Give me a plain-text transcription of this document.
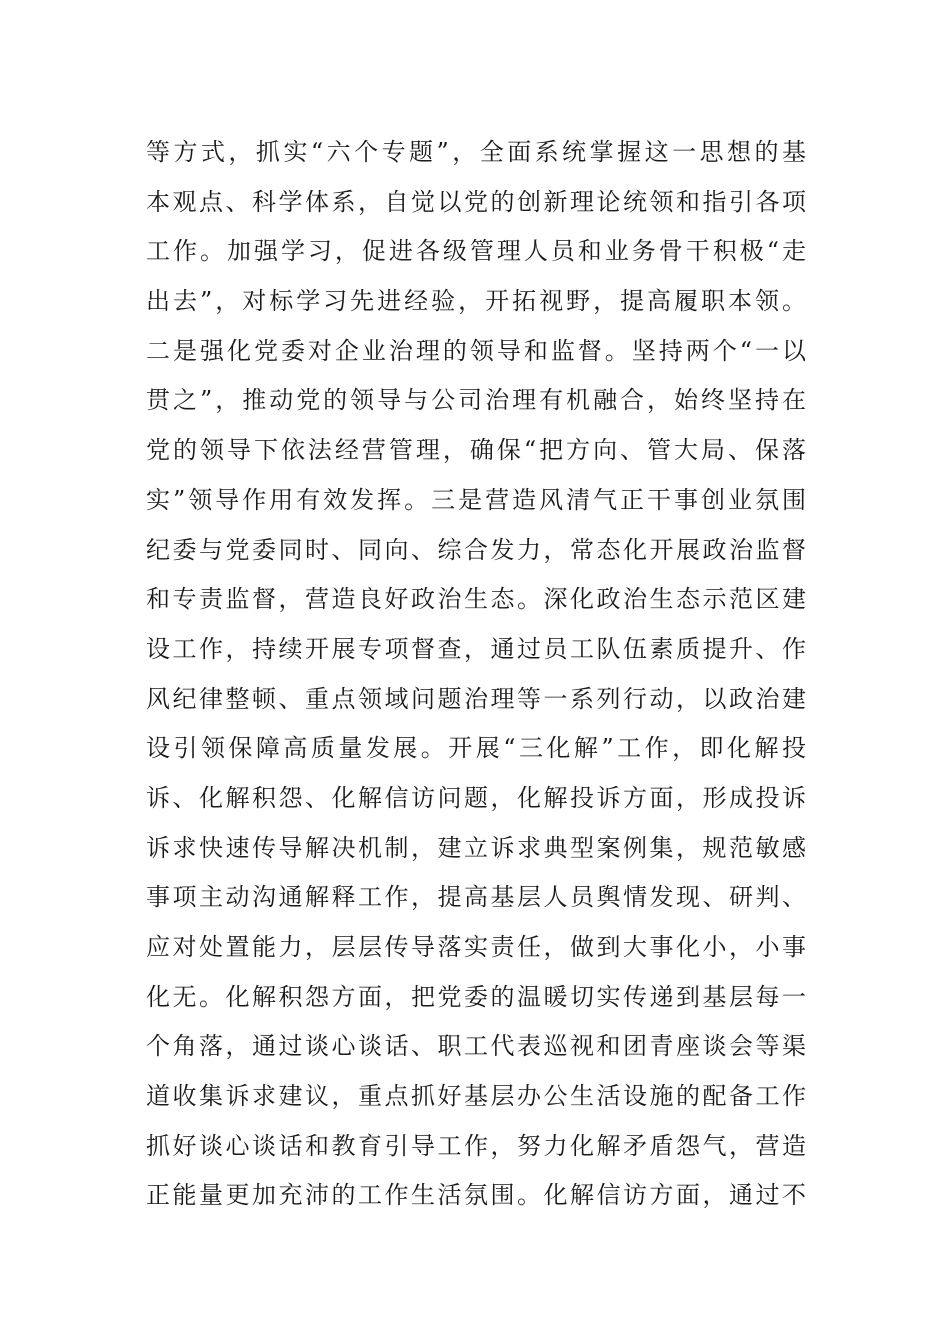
等方式，抓实“六个专题”，全面系统掌握这一思想的基
本观点、科学体系，自觉以党的创新理论统领和指引各项
工作。加强学习，促进各级管理人员和业务骨干积极“走
出去”，对标学习先进经验，开拓视野，提高履职本领。
二是强化党委对企业治理的领导和监督。坚持两个“一以
贯之”，推动党的领导与公司治理有机融合，始终坚持在
党的领导下依法经营管理，确保“把方向、管大局、保落
实”领导作用有效发挥。三是营造风清气正干事创业氛围
纪委与党委同时、同向、综合发力，常态化开展政治监督
和专责监督，营造良好政治生态。深化政治生态示范区建
设工作，持续开展专项督查，通过员工队伍素质提升、作
风纪律整顿、重点领域问题治理等一系列行动，以政治建
设引领保障高质量发展。开展“三化解”工作，即化解投
诉、化解积怨、化解信访问题，化解投诉方面，形成投诉
诉求快速传导解决机制，建立诉求典型案例集，规范敏感
事项主动沟通解释工作，提高基层人员舆情发现、研判、
应对处置能力，层层传导落实责任，做到大事化小，小事
化无。化解积怨方面，把党委的温暖切实传递到基层每一
个角落，通过谈心谈话、职工代表巡视和团青座谈会等渠
道收集诉求建议，重点抓好基层办公生活设施的配备工作
抓好谈心谈话和教育引导工作，努力化解矛盾怨气，营造
正能量更加充沛的工作生活氛围。化解信访方面，通过不
